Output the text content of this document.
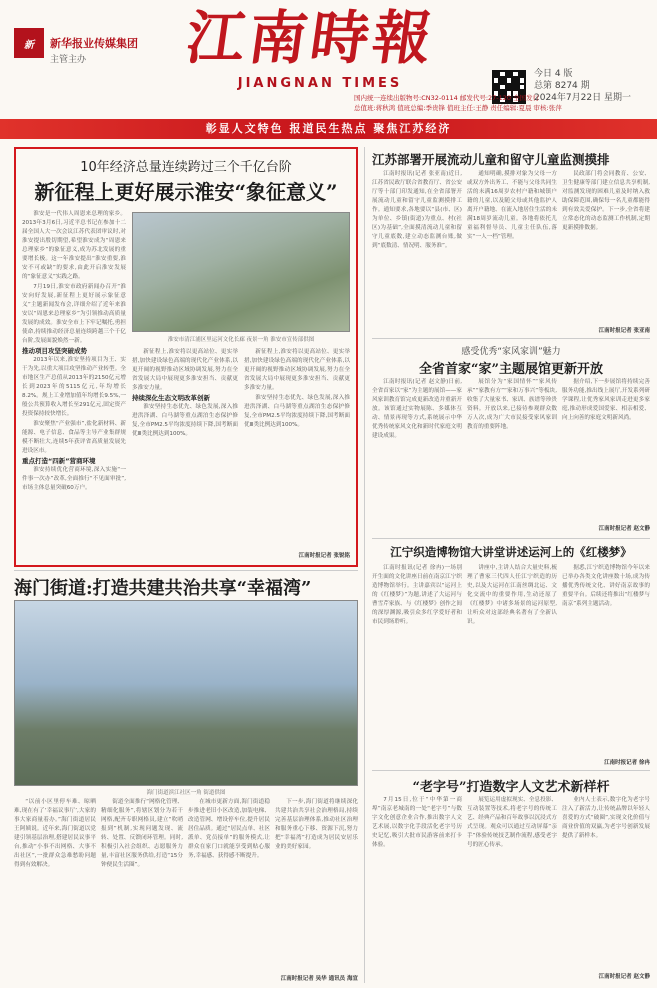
新	新华报业传媒集团
主管主办	江南時報
JIANGNAN TIMES
今日 4 版
总第 8274 期
2024年7月22日 星期一
国内统一连续出版物号:CN32-0114 邮发代号:27-120 全国发行
总值班:蒋秋鸿 值班总编:季贵锋 值班主任:王静 责任编辑:夏晨 审核:张萍
彰显人文特色 报道民生热点 聚焦江苏经济
10年经济总量连续跨过三个千亿台阶
新征程上更好展示淮安“象征意义”

淮安是一代伟人周恩来总理的家乡。2013年3月6日,习近平总书记在参加十二届全国人大一次会议江苏代表团审议时,对淮安提出殷切期望,希望淮安成为“周恩来总理家乡”的象征意义,成为苏北发展的重要增长极。这一年淮安提出“淮安重要,淮安不可或缺”的要求,由此开启淮安发展的“象征意义”实践之路。

7月19日,淮安市政府新闻办召开“淮安向好发展,新征程上更好展示象征意义”主题新闻发布会,详细介绍了近年来淮安以“周恩来总理家乡”为引领推动高质量发展的成效。淮安全市上下牢记嘱托,勇担使命,持续推动经济总量连续跨越三个千亿台阶,发展面貌焕然一新。

推动项目攻坚突破成势

2013年以来,淮安坚持项目为王、实干为先,以重大项目攻坚推动产业转型。全市地区生产总值从2013年的2150亿元增长到2023年的5115亿元,年均增长8.2%。规上工业增加值年均增长9.5%,一般公共预算收入增长至291亿元,固定资产投资保持较快增长。

淮安聚焦“产业强市”,盐化新材料、新能源、电子信息、食品等主导产业集群规模不断壮大,连续5年获评省高质量发展先进设区市。

重点打造“四新”营商环境

淮安持续优化营商环境,深入实施“一件事一次办”改革,全面推行“不见面审批”,市场主体总量突破60万户。

淮安市清江浦区里运河文化长廊 夜景一角 淮安市宣传部供图

新征程上,淮安将以更高站位、更实举措,加快建设绿色高端的现代化产业体系,以更开阔的视野推动区域协调发展,努力在全省发展大局中展现更多淮安担当、贡献更多淮安力量。

持续深化生态文明改革创新

淮安坚持生态优先、绿色发展,深入推进洪泽湖、白马湖等重点湖泊生态保护修复,全市PM2.5平均浓度持续下降,国考断面优Ⅲ类比例达到100%。

新征程上,淮安将以更高站位、更实举措,加快建设绿色高端的现代化产业体系,以更开阔的视野推动区域协调发展,努力在全省发展大局中展现更多淮安担当、贡献更多淮安力量。

淮安坚持生态优先、绿色发展,深入推进洪泽湖、白马湖等重点湖泊生态保护修复,全市PM2.5平均浓度持续下降,国考断面优Ⅲ类比例达到100%。

江南时报记者 张锐铭
海门街道:打造共建共治共享“幸福湾”
海门街道滨江社区一角 街道供图

“以前小区里停车难、晾晒难,现在有了‘幸福议事厅’,大家的事大家商量着办。”海门街道居民王阿姨说。近年来,海门街道以党建引领基层治理,搭建居民议事平台,推动“小事不出网格、大事不出社区”,一批群众急难愁盼问题得到有效解决。

街道全面推行“网格化管理、精细化服务”,将辖区划分为若干网格,配齐专职网格员,建立“吹哨报到”机制,实现问题发现、流转、处置、反馈闭环管理。同时,积极引入社会组织、志愿服务力量,丰富社区服务供给,打造“15分钟便民生活圈”。

在城市更新方面,海门街道稳步推进老旧小区改造,加装电梯、改造管网、增设停车位,提升居民居住品质。通过“居民点单、社区派单、党员接单”的服务模式,让群众在家门口就能享受到贴心服务,幸福感、获得感不断提升。

下一步,海门街道将继续深化共建共治共享社会治理格局,持续完善基层治理体系,推动社区治理和服务重心下移、资源下沉,努力把“幸福湾”打造成为居民安居乐业的美好家园。

江南时报记者 吴华 通讯员 海宣
江苏部署开展流动儿童和留守儿童监测摸排

江南时报讯(记者 张亚南)近日,江苏省民政厅联合省教育厅、省公安厅等十部门印发通知,在全省部署开展流动儿童和留守儿童监测摸排工作。通知要求,各地要以“县(市、区)为单位、乡镇(街道)为重点、村(社区)为基础”,全面摸清流动儿童和留守儿童底数,建立动态监测台账,做到“底数清、情况明、服务准”。

通知明确,摸排对象为父母一方或双方外出务工、不能与父母共同生活的未满16周岁农村户籍和城镇户籍的儿童,以及随父母或其他监护人离开户籍地、在流入地居住生活的未满18周岁流动儿童。各地将依托儿童福利督导员、儿童主任队伍,落实“一人一档”管理。

民政部门将会同教育、公安、卫生健康等部门建立信息共享机制,对监测发现的困难儿童及时纳入救助保障范围,确保每一名儿童都能得到有效关爱保护。下一步,全省将建立常态化的动态监测工作机制,定期更新摸排数据。

江南时报记者 张亚南
感受优秀“家风家训”魅力
全省首家“家”主题展馆更新开放

江南时报讯(记者 赵文静)日前,全省首家以“家”为主题的展馆——家风家训教育馆完成更新改造并重新开放。该馆通过实物展陈、多媒体互动、情景再现等方式,系统展示中华优秀传统家风文化和新时代家庭文明建设成果。

展馆分为“家国情怀”“家风传承”“家教有方”“家和万事兴”等板块,收集了大量家书、家训、族谱等珍贵资料。开放以来,已接待参观群众数万人次,成为广大市民接受家风家训教育的重要阵地。

据介绍,下一步展馆将持续完善服务功能,推出线上展厅,开发系列研学课程,让优秀家风家训走进更多家庭,推动形成爱国爱家、相亲相爱、向上向善的家庭文明新风尚。

江南时报记者 赵文静
江宁织造博物馆大讲堂讲述运河上的《红楼梦》

江南时报讯(记者 徐冉)一场别开生面的文化讲座日前在南京江宁织造博物馆举行。主讲嘉宾以“运河上的《红楼梦》”为题,讲述了大运河与曹雪芹家族、与《红楼梦》创作之间的深厚渊源,吸引众多红学爱好者和市民到场聆听。

讲座中,主讲人结合大量史料,梳理了曹家三代四人任江宁织造的历史,以及大运河在江南丝绸北运、文化交流中的重要作用,生动还原了《红楼梦》中诸多场景的运河原型,让听众对这部经典名著有了全新认识。

据悉,江宁织造博物馆今年以来已举办各类文化讲座数十场,成为传播优秀传统文化、讲好南京故事的重要平台。后续还将推出“红楼梦与南京”系列主题活动。

江南时报记者 徐冉
“老字号”打造数字人文艺术新样杆

7月15日,位于“中华第一商埠”南京老城南的一处“老字号”与数字文化创意企业合作,推出数字人文艺术展,以数字化手段活化老字号历史记忆,吸引大批市民游客前来打卡体验。

展览运用虚拟现实、全息投影、互动装置等技术,将老字号的传统工艺、经典产品和百年故事以沉浸式方式呈现。观众可以通过互动屏幕“亲手”体验传统技艺制作流程,感受老字号的匠心传承。

业内人士表示,数字化为老字号注入了新活力,让传统品牌以年轻人喜爱的方式“破圈”,实现文化价值与商业价值的双赢,为老字号创新发展提供了新样本。

江南时报记者 赵文静
